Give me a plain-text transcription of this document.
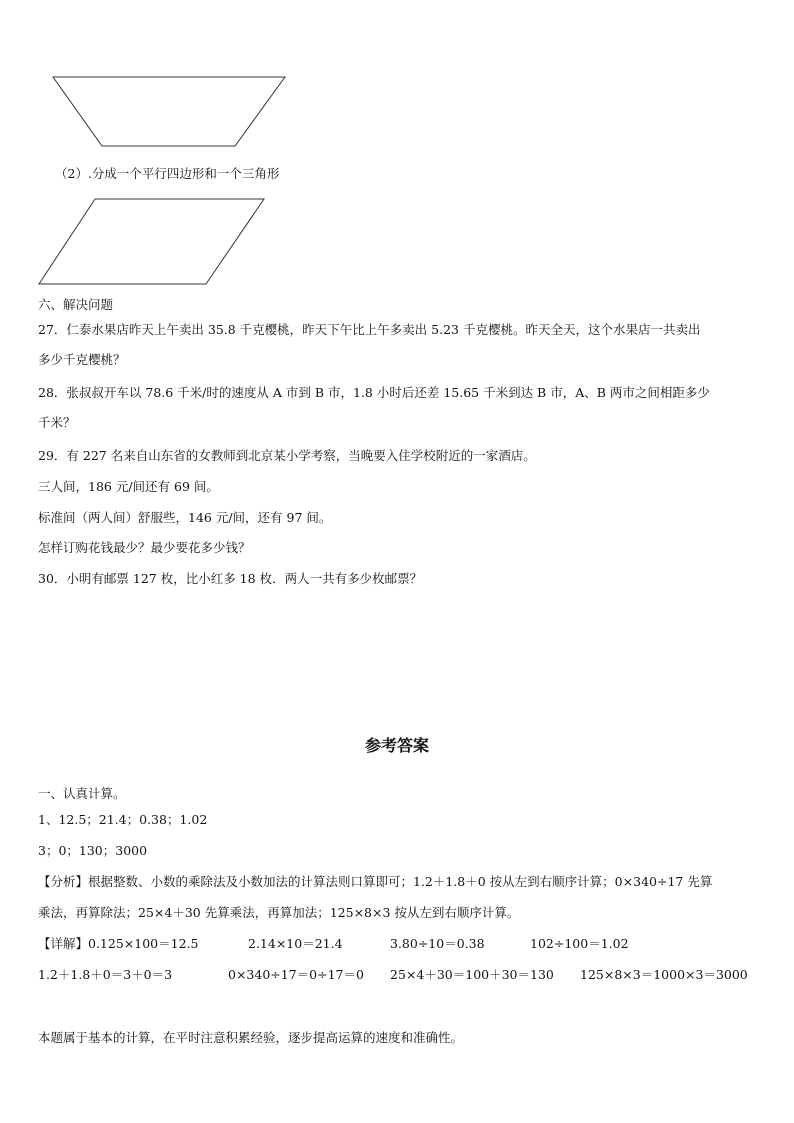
（2）.分成一个平行四边形和一个三角形
六、解决问题
27．仁泰水果店昨天上午卖出 35.8 千克樱桃，昨天下午比上午多卖出 5.23 千克樱桃。昨天全天，这个水果店一共卖出
多少千克樱桃？
28．张叔叔开车以 78.6 千米/时的速度从 A 市到 B 市，1.8 小时后还差 15.65 千米到达 B 市，A、B 两市之间相距多少
千米？
29．有 227 名来自山东省的女教师到北京某小学考察，当晚要入住学校附近的一家酒店。
三人间，186 元/间还有 69 间。
标准间（两人间）舒服些，146 元/间，还有 97 间。
怎样订购花钱最少？最少要花多少钱？
30．小明有邮票 127 枚，比小红多 18 枚．两人一共有多少枚邮票？
参考答案
一、认真计算。
1、12.5；21.4；0.38；1.02
3；0；130；3000
【分析】根据整数、小数的乘除法及小数加法的计算法则口算即可；1.2＋1.8＋0 按从左到右顺序计算；0×340÷17 先算
乘法，再算除法；25×4＋30 先算乘法，再算加法；125×8×3 按从左到右顺序计算。
【详解】0.125×100＝12.5	2.14×10＝21.4	3.80÷10＝0.38	102÷100＝1.02
1.2＋1.8＋0＝3＋0＝3	0×340÷17＝0÷17＝0 25×4＋30＝100＋30＝130 125×8×3＝1000×3＝3000
本题属于基本的计算，在平时注意积累经验，逐步提高运算的速度和准确性。
